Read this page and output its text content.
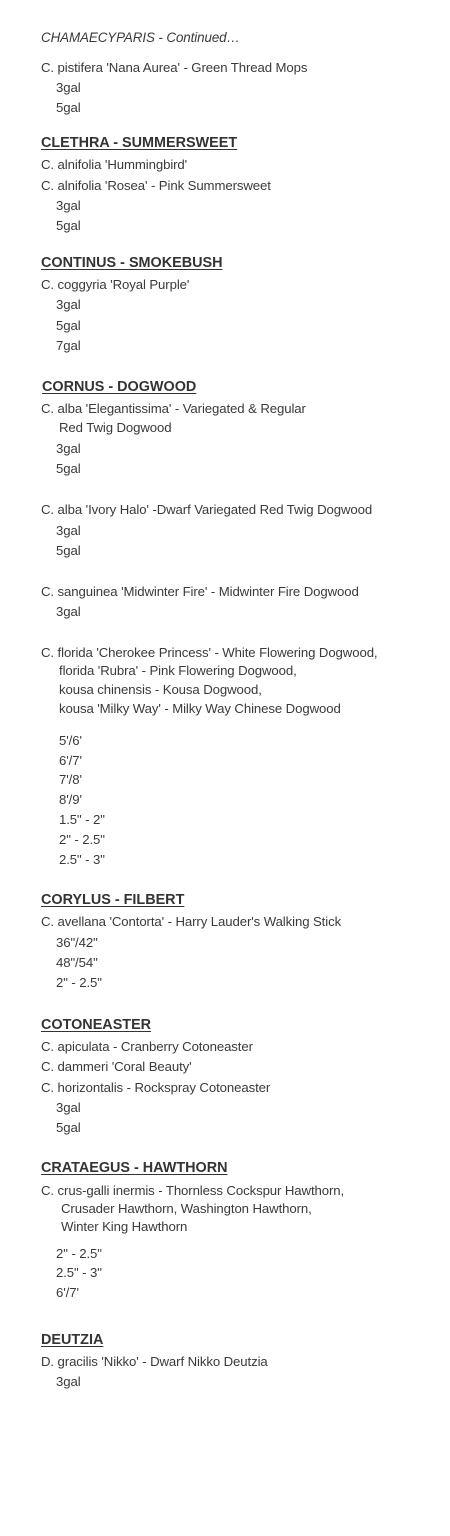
CHAMAECYPARIS - Continued…
C. pistifera 'Nana Aurea' - Green Thread Mops
3gal
5gal
CLETHRA - SUMMERSWEET
C. alnifolia 'Hummingbird'
C. alnifolia 'Rosea' - Pink Summersweet
3gal
5gal
CONTINUS - SMOKEBUSH
C. coggyria 'Royal Purple'
3gal
5gal
7gal
CORNUS - DOGWOOD
C. alba 'Elegantissima' - Variegated & Regular
Red Twig Dogwood
3gal
5gal
C. alba 'Ivory Halo' -Dwarf Variegated Red Twig Dogwood
3gal
5gal
C. sanguinea 'Midwinter Fire' - Midwinter Fire Dogwood
3gal
C. florida 'Cherokee Princess' - White Flowering Dogwood,
florida 'Rubra' - Pink Flowering Dogwood,
kousa chinensis - Kousa Dogwood,
kousa 'Milky Way' - Milky Way Chinese Dogwood
5'/6'
6'/7'
7'/8'
8'/9'
1.5" - 2"
2" - 2.5"
2.5" - 3"
CORYLUS - FILBERT
C. avellana 'Contorta' - Harry Lauder's Walking Stick
36"/42"
48"/54"
2" - 2.5"
COTONEASTER
C. apiculata - Cranberry Cotoneaster
C. dammeri 'Coral Beauty'
C. horizontalis - Rockspray Cotoneaster
3gal
5gal
CRATAEGUS - HAWTHORN
C. crus-galli inermis - Thornless Cockspur Hawthorn,
Crusader Hawthorn, Washington Hawthorn,
Winter King Hawthorn
2" - 2.5"
2.5" - 3"
6'/7'
DEUTZIA
D. gracilis 'Nikko' - Dwarf Nikko Deutzia
3gal
